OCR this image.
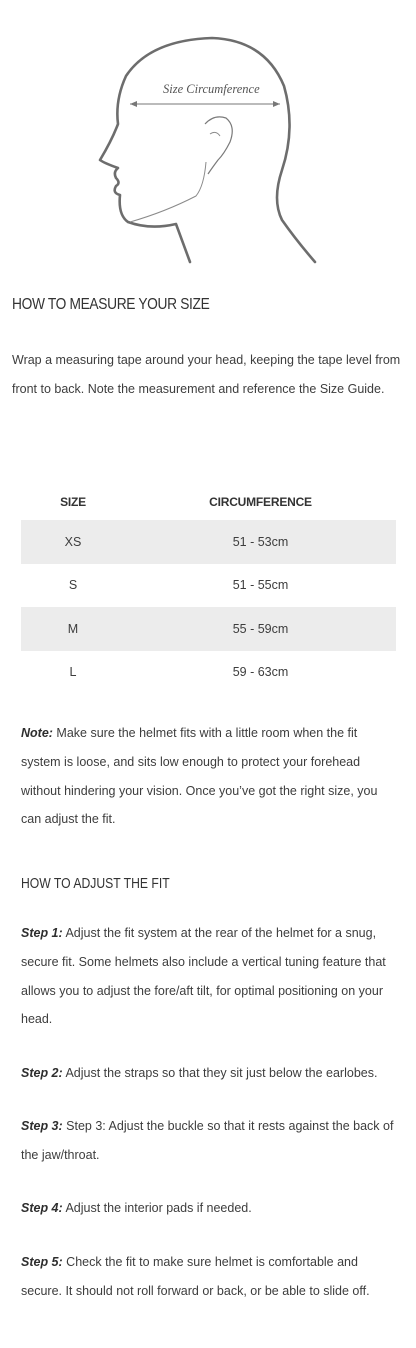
Size Circumference
HOW TO MEASURE YOUR SIZE

Wrap a measuring tape around your head, keeping the tape level from front to back. Note the measurement and reference the Size Guide.

SIZE	CIRCUMFERENCE
XS	51 - 53cm
S	51 - 55cm
M	55 - 59cm
L	59 - 63cm

Note: Make sure the helmet fits with a little room when the fit system is loose, and sits low enough to protect your forehead without hindering your vision. Once you’ve got the right size, you can adjust the fit.

HOW TO ADJUST THE FIT

Step 1: Adjust the fit system at the rear of the helmet for a snug, secure fit. Some helmets also include a vertical tuning feature that allows you to adjust the fore/aft tilt, for optimal positioning on your head.

Step 2: Adjust the straps so that they sit just below the earlobes.

Step 3: Step 3: Adjust the buckle so that it rests against the back of the jaw/throat.

Step 4: Adjust the interior pads if needed.

Step 5: Check the fit to make sure helmet is comfortable and secure. It should not roll forward or back, or be able to slide off.
